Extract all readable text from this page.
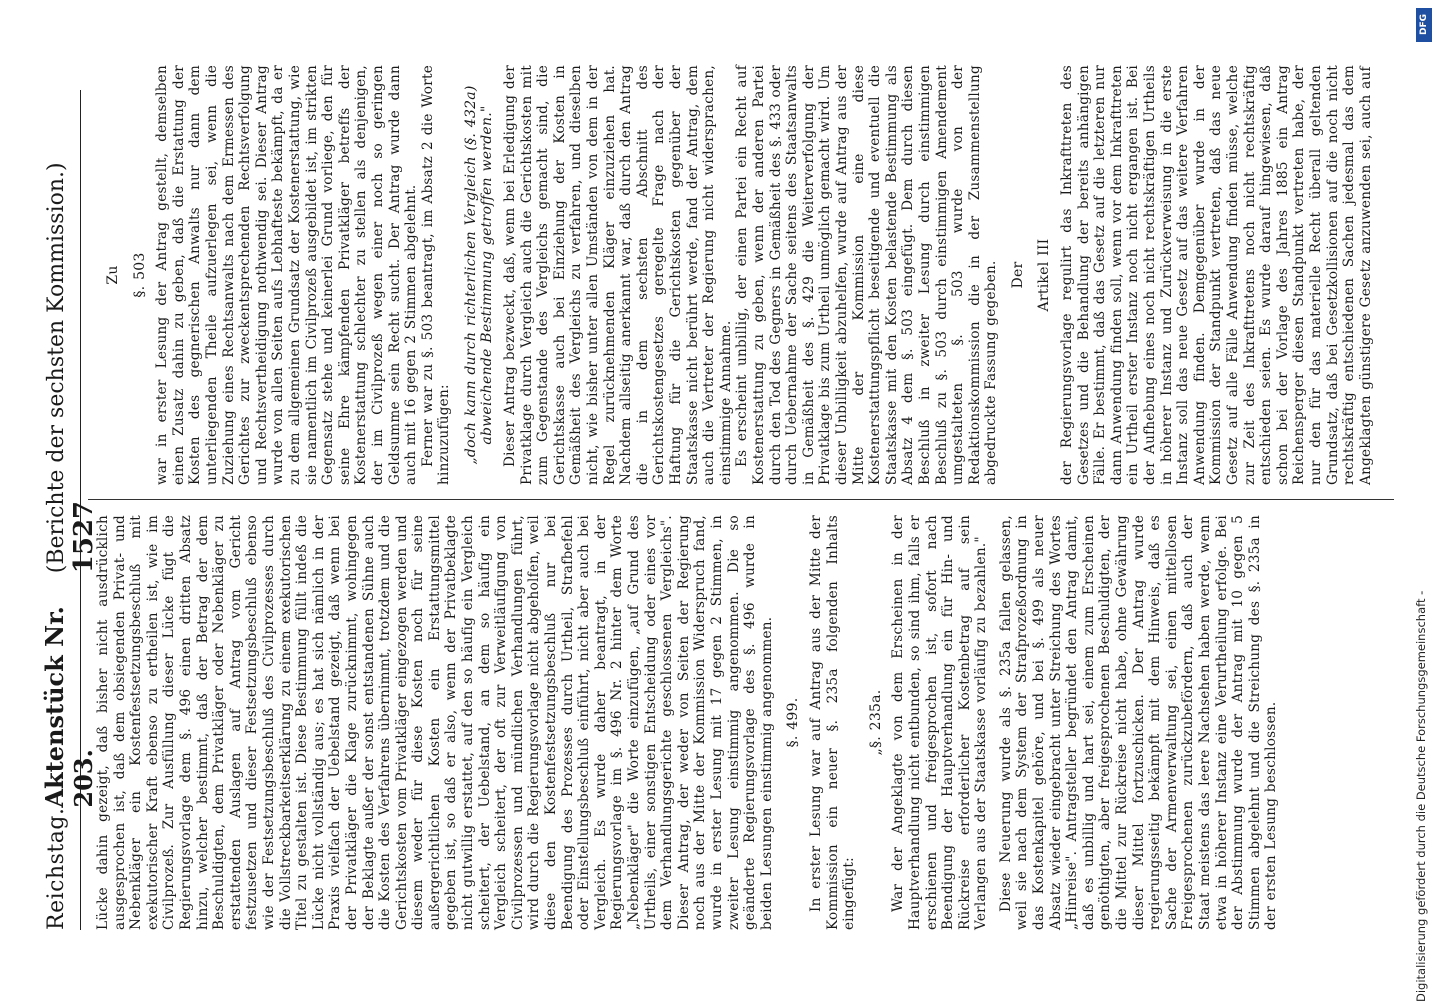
Reichstag.
Aktenstück Nr. 203.
(Berichte der sechsten Kommission.)          1527

Lücke dahin gezeigt, daß bisher nicht ausdrücklich ausgesprochen ist, daß dem obsiegenden Privat- und Nebenkläger ein Kostenfestsetzungsbeschluß mit exekutorischer Kraft ebenso zu ertheilen ist, wie im Civilprozeß. Zur Ausfüllung dieser Lücke fügt die Regierungsvorlage dem §. 496 einen dritten Absatz hinzu, welcher bestimmt, daß der Betrag der dem Beschuldigten, dem Privatkläger oder Nebenkläger zu erstattenden Auslagen auf Antrag vom Gericht festzusetzen und dieser Festsetzungsbeschluß ebenso wie der Festsetzungsbeschluß des Civilprozesses durch die Vollstreckbarkeitserklärung zu einem exekutorischen Titel zu gestalten ist. Diese Bestimmung füllt indeß die Lücke nicht vollständig aus; es hat sich nämlich in der Praxis vielfach der Uebelstand gezeigt, daß wenn bei der Privatkläger die Klage zurücknimmt, wohingegen der Beklagte außer der sonst entstandenen Sühne auch die Kosten des Verfahrens übernimmt, trotzdem und die Gerichtskosten vom Privatkläger eingezogen werden und diesem weder für diese Kosten noch für seine außergerichtlichen Kosten ein Erstattungsmittel gegeben ist, so daß er also, wenn der Privatbeklagte nicht gutwillig erstattet, auf den so häufig ein Vergleich scheitert, der Uebelstand, an dem so häufig ein Vergleich scheitert, der oft zur Verweitläufigung von Civilprozessen und mündlichen Verhandlungen führt, wird durch die Regierungsvorlage nicht abgeholfen, weil diese den Kostenfestsetzungsbeschluß nur bei Beendigung des Prozesses durch Urtheil, Strafbefehl oder Einstellungsbeschluß einführt, nicht aber auch bei Vergleich. Es wurde daher beantragt, in der Regierungsvorlage im §. 496 Nr. 2 hinter dem Worte „Nebenkläger" die Worte einzufügen, „auf Grund des Urtheils, einer sonstigen Entscheidung oder eines vor dem Verhandlungsgerichte geschlossenen Vergleichs". Dieser Antrag, der weder von Seiten der Regierung noch aus der Mitte der Kommission Widerspruch fand, wurde in erster Lesung mit 17 gegen 2 Stimmen, in zweiter Lesung einstimmig angenommen. Die so geänderte Regierungsvorlage des §. 496 wurde in beiden Lesungen einstimmig angenommen. §. 499. In erster Lesung war auf Antrag aus der Mitte der Kommission ein neuer §. 235a folgenden Inhalts eingefügt:

„§. 235a. War der Angeklagte von dem Erscheinen in der Hauptverhandlung nicht entbunden, so sind ihm, falls er erschienen und freigesprochen ist, sofort nach Beendigung der Hauptverhandlung ein für Hin- und Rückreise erforderlicher Kostenbetrag auf sein Verlangen aus der Staatskasse vorläufig zu bezahlen." Diese Neuerung wurde als §. 235a fallen gelassen, weil sie nach dem System der Strafprozeßordnung in das Kostenkapitel gehöre, und bei §. 499 als neuer Absatz wieder eingebracht unter Streichung des Wortes „Hinreise". Antragsteller begründet den Antrag damit, daß es unbillig und hart sei, einem zum Erscheinen genöthigten, aber freigesprochenen Beschuldigten, der die Mittel zur Rückreise nicht habe, ohne Gewährung dieser Mittel fortzuschicken. Der Antrag wurde regierungsseitig bekämpft mit dem Hinweis, daß es Sache der Armenverwaltung sei, einen mittellosen Freigesprochenen zurückzubefördern, daß auch der Staat meistens das leere Nachsehen haben werde, wenn etwa in höherer Instanz eine Verurtheilung erfolge. Bei der Abstimmung wurde der Antrag mit 10 gegen 5 Stimmen abgelehnt und die Streichung des §. 235a in der ersten Lesung beschlossen.

Zu §. 503 war in erster Lesung der Antrag gestellt, demselben einen Zusatz dahin zu geben, daß die Erstattung der Kosten des gegnerischen Anwalts nur dann dem unterliegenden Theile aufzuerlegen sei, wenn die Zuziehung eines Rechtsanwalts nach dem Ermessen des Gerichtes zur zweckentsprechenden Rechtsverfolgung und Rechtsvertheidigung nothwendig sei. Dieser Antrag wurde von allen Seiten aufs Lebhafteste bekämpft, da er zu dem allgemeinen Grundsatz der Kostenerstattung, wie sie namentlich im Civilprozeß ausgebildet ist, im strikten Gegensatz stehe und keinerlei Grund vorliege, den für seine Ehre kämpfenden Privatkläger betreffs der Kostenerstattung schlechter zu stellen als denjenigen, der im Civilprozeß wegen einer noch so geringen Geldsumme sein Recht sucht. Der Antrag wurde dann auch mit 16 gegen 2 Stimmen abgelehnt. Ferner war zu §. 503 beantragt, im Absatz 2 die Worte hinzuzufügen: „doch kann durch richterlichen Vergleich (§. 432a) abweichende Bestimmung getroffen werden." Dieser Antrag bezweckt, daß, wenn bei Erledigung der Privatklage durch Vergleich auch die Gerichtskosten mit zum Gegenstande des Vergleichs gemacht sind, die Gerichtskasse auch bei Einziehung der Kosten in Gemäßheit des Vergleichs zu verfahren, und dieselben nicht, wie bisher unter allen Umständen von dem in der Regel zurücknehmenden Kläger einzuziehen hat. Nachdem allseitig anerkannt war, daß durch den Antrag die in dem sechsten Abschnitt des Gerichtskostengesetzes geregelte Frage nach der Haftung für die Gerichtskosten gegenüber der Staatskasse nicht berührt werde, fand der Antrag, dem auch die Vertreter der Regierung nicht widersprachen, einstimmige Annahme. Es erscheint unbillig, der einen Partei ein Recht auf Kostenerstattung zu geben, wenn der anderen Partei durch den Tod des Gegners in Gemäßheit des §. 433 oder durch Uebernahme der Sache seitens des Staatsanwalts in Gemäßheit des §. 429 die Weiterverfolgung der Privatklage bis zum Urtheil unmöglich gemacht wird. Um dieser Unbilligkeit abzuhelfen, wurde auf Antrag aus der Mitte der Kommission eine diese Kostenerstattungspflicht beseitigende und eventuell die Staatskasse mit den Kosten belastende Bestimmung als Absatz 4 dem §. 503 eingefügt. Dem durch diesen Beschluß in zweiter Lesung durch einstimmigen Beschluß zu §. 503 durch einstimmigen Amendement umgestalteten §. 503 wurde von der Redaktionskommission die in der Zusammenstellung abgedruckte Fassung gegeben. Der Artikel III der Regierungsvorlage regulirt das Inkrafttreten des Gesetzes und die Behandlung der bereits anhängigen Fälle. Er bestimmt, daß das Gesetz auf die letzteren nur dann Anwendung finden soll, wenn vor dem Inkrafttreten ein Urtheil erster Instanz noch nicht ergangen ist. Bei der Aufhebung eines noch nicht rechtskräftigen Urtheils in höherer Instanz und Zurückverweisung in die erste Instanz soll das neue Gesetz auf das weitere Verfahren Anwendung finden. Demgegenüber wurde in der Kommission der Standpunkt vertreten, daß das neue Gesetz auf alle Fälle Anwendung finden müsse, welche zur Zeit des Inkrafttretens noch nicht rechtskräftig entschieden seien. Es wurde darauf hingewiesen, daß schon bei der Vorlage des Jahres 1885 ein Antrag Reichensperger diesen Standpunkt vertreten habe, der nur den für das materielle Recht überall geltenden Grundsatz, daß bei Gesetzkollisionen auf die noch nicht rechtskräftig entschiedenen Sachen jedesmal das dem Angeklagten günstigere Gesetz anzuwenden sei, auch auf

DFG
Digitalisierung gefördert durch die Deutsche Forschungsgemeinschaft -
